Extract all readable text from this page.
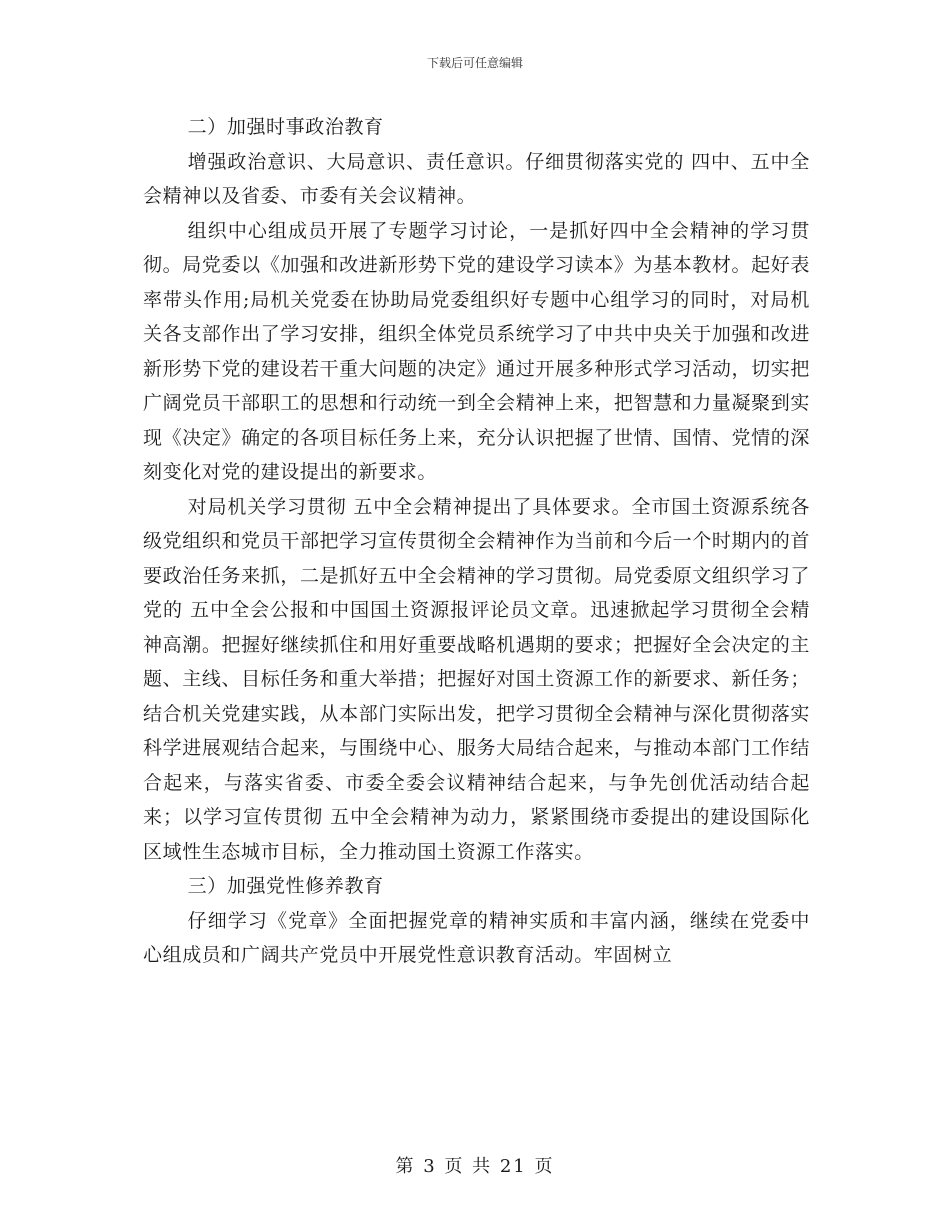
下载后可任意编辑

二）加强时事政治教育

增强政治意识、大局意识、责任意识。仔细贯彻落实党的 四中、五中全会精神以及省委、市委有关会议精神。

组织中心组成员开展了专题学习讨论，一是抓好四中全会精神的学习贯彻。局党委以《加强和改进新形势下党的建设学习读本》为基本教材。起好表率带头作用;局机关党委在协助局党委组织好专题中心组学习的同时，对局机关各支部作出了学习安排，组织全体党员系统学习了中共中央关于加强和改进新形势下党的建设若干重大问题的决定》通过开展多种形式学习活动，切实把广阔党员干部职工的思想和行动统一到全会精神上来，把智慧和力量凝聚到实现《决定》确定的各项目标任务上来，充分认识把握了世情、国情、党情的深刻变化对党的建设提出的新要求。

对局机关学习贯彻 五中全会精神提出了具体要求。全市国土资源系统各级党组织和党员干部把学习宣传贯彻全会精神作为当前和今后一个时期内的首要政治任务来抓，二是抓好五中全会精神的学习贯彻。局党委原文组织学习了党的 五中全会公报和中国国土资源报评论员文章。迅速掀起学习贯彻全会精神高潮。把握好继续抓住和用好重要战略机遇期的要求；把握好全会决定的主题、主线、目标任务和重大举措；把握好对国土资源工作的新要求、新任务；结合机关党建实践，从本部门实际出发，把学习贯彻全会精神与深化贯彻落实科学进展观结合起来，与围绕中心、服务大局结合起来，与推动本部门工作结合起来，与落实省委、市委全委会议精神结合起来，与争先创优活动结合起来；以学习宣传贯彻 五中全会精神为动力，紧紧围绕市委提出的建设国际化区域性生态城市目标，全力推动国土资源工作落实。

三）加强党性修养教育

仔细学习《党章》全面把握党章的精神实质和丰富内涵，继续在党委中心组成员和广阔共产党员中开展党性意识教育活动。牢固树立

第 3 页 共 21 页
